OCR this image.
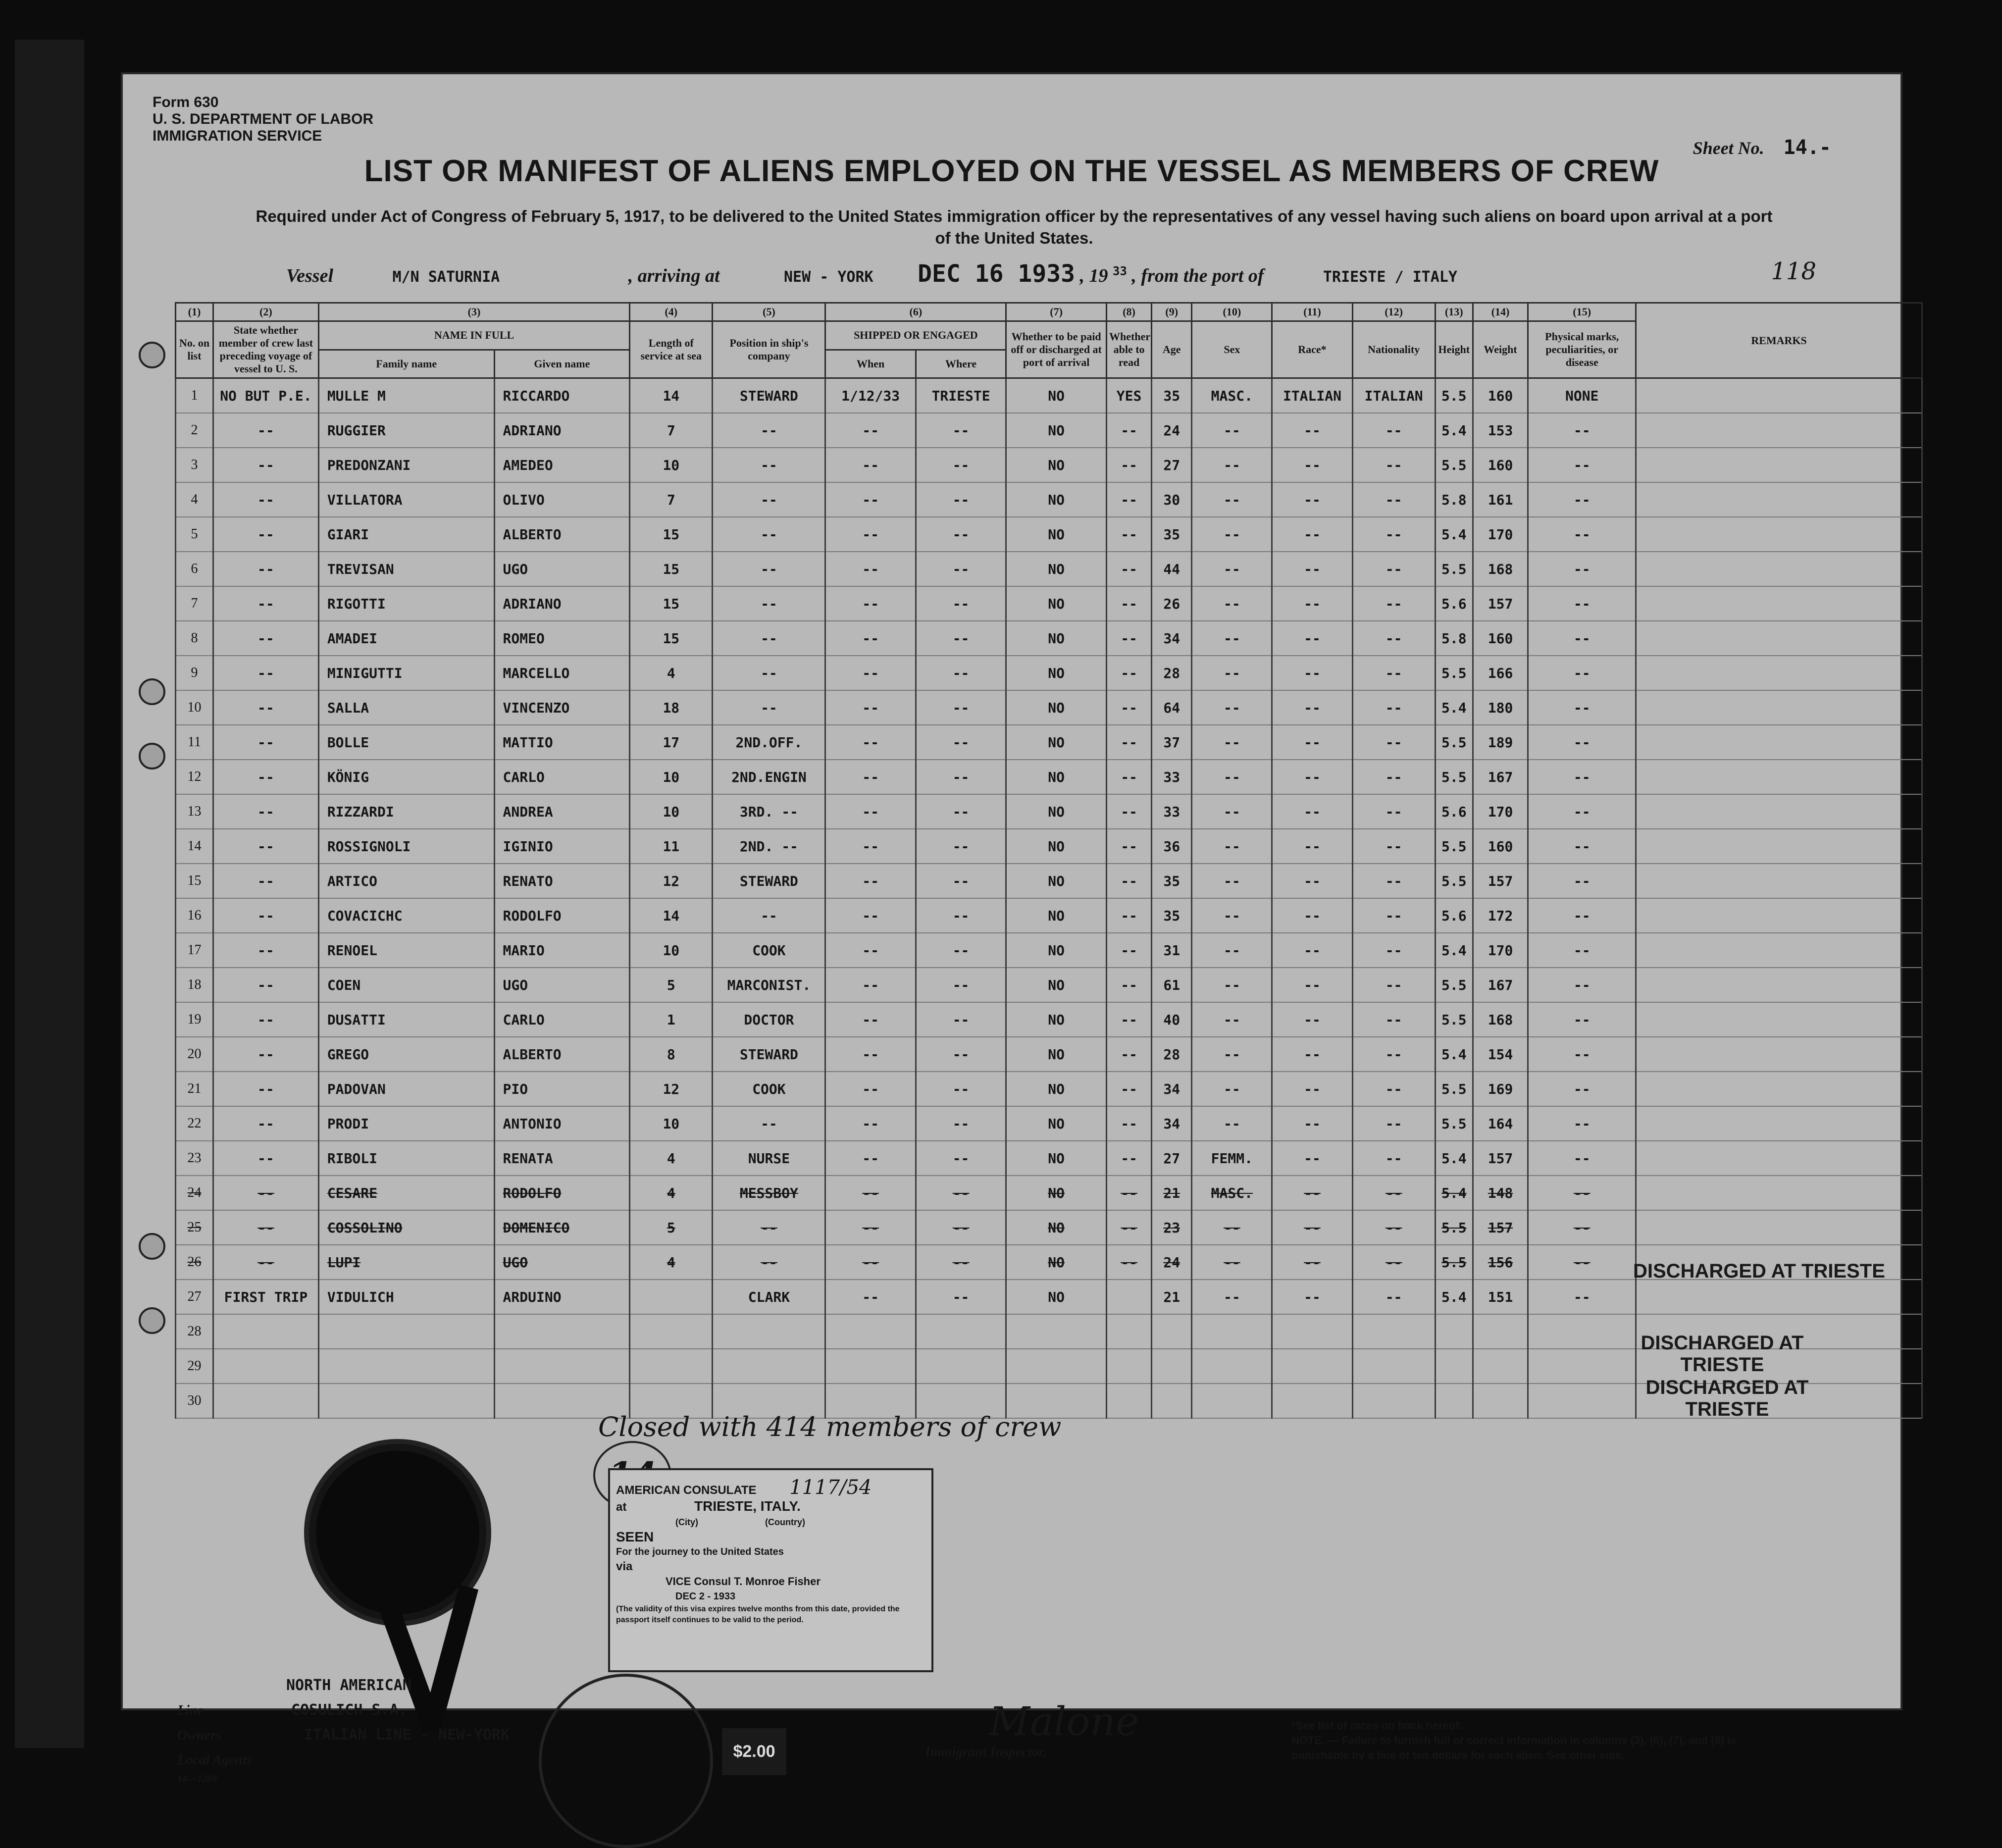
Form 630
U. S. DEPARTMENT OF LABOR
IMMIGRATION SERVICE
Sheet No. 14.-
LIST OR MANIFEST OF ALIENS EMPLOYED ON THE VESSEL AS MEMBERS OF CREW
Required under Act of Congress of February 5, 1917, to be delivered to the United States immigration officer by the representatives of any vessel having such aliens on board upon arrival at a port of the United States.
Vessel	M/N SATURNIA	, arriving at	NEW - YORK DEC 16 1933 , 19 $^{33}$ , from the port of	TRIESTE / ITALY	118
(1)	(2)	(3)		(4)	(5)	(6)		(7)	(8)	(9)	(10)	(11)	(12)	(13)	(14)	(15)	REMARKS
No. on list	State whether member of crew last preceding voyage of vessel to U. S.	NAME IN FULL		Length of service at sea	Position in ship's company	SHIPPED OR ENGAGED		Whether to be paid off or discharged at port of arrival	Whether able to read	Age	Sex	Race*	Nationality	Height	Weight	Physical marks, peculiarities, or disease	
		Family name	Given name			When	Where										
1	NO BUT P.E.	MULLE M	RICCARDO	14	STEWARD	1/12/33	TRIESTE	NO	YES	35	MASC.	ITALIAN	ITALIAN	5.5	160	NONE	
2	--	RUGGIER	ADRIANO	7	--	--	--	NO	--	24	--	--	--	5.4	153	--	
3	--	PREDONZANI	AMEDEO	10	--	--	--	NO	--	27	--	--	--	5.5	160	--	
4	--	VILLATORA	OLIVO	7	--	--	--	NO	--	30	--	--	--	5.8	161	--	
5	--	GIARI	ALBERTO	15	--	--	--	NO	--	35	--	--	--	5.4	170	--	
6	--	TREVISAN	UGO	15	--	--	--	NO	--	44	--	--	--	5.5	168	--	
7	--	RIGOTTI	ADRIANO	15	--	--	--	NO	--	26	--	--	--	5.6	157	--	
8	--	AMADEI	ROMEO	15	--	--	--	NO	--	34	--	--	--	5.8	160	--	
9	--	MINIGUTTI	MARCELLO	4	--	--	--	NO	--	28	--	--	--	5.5	166	--	
10	--	SALLA	VINCENZO	18	--	--	--	NO	--	64	--	--	--	5.4	180	--	
11	--	BOLLE	MATTIO	17	2ND.OFF.	--	--	NO	--	37	--	--	--	5.5	189	--	
12	--	KÖNIG	CARLO	10	2ND.ENGIN	--	--	NO	--	33	--	--	--	5.5	167	--	
13	--	RIZZARDI	ANDREA	10	3RD. --	--	--	NO	--	33	--	--	--	5.6	170	--	
14	--	ROSSIGNOLI	IGINIO	11	2ND. --	--	--	NO	--	36	--	--	--	5.5	160	--	
15	--	ARTICO	RENATO	12	STEWARD	--	--	NO	--	35	--	--	--	5.5	157	--	
16	--	COVACICHC	RODOLFO	14	--	--	--	NO	--	35	--	--	--	5.6	172	--	
17	--	RENOEL	MARIO	10	COOK	--	--	NO	--	31	--	--	--	5.4	170	--	
18	--	COEN	UGO	5	MARCONIST.	--	--	NO	--	61	--	--	--	5.5	167	--	
19	--	DUSATTI	CARLO	1	DOCTOR	--	--	NO	--	40	--	--	--	5.5	168	--	
20	--	GREGO	ALBERTO	8	STEWARD	--	--	NO	--	28	--	--	--	5.4	154	--	
21	--	PADOVAN	PIO	12	COOK	--	--	NO	--	34	--	--	--	5.5	169	--	
22	--	PRODI	ANTONIO	10	--	--	--	NO	--	34	--	--	--	5.5	164	--	
23	--	RIBOLI	RENATA	4	NURSE	--	--	NO	--	27	FEMM.	--	--	5.4	157	--	
24	--	CESARE	RODOLFO	4	MESSBOY	--	--	NO	--	21	MASC.	--	--	5.4	148	--	
25	--	COSSOLINO	DOMENICO	5	--	--	--	NO	--	23	--	--	--	5.5	157	--	
26	--	LUPI	UGO	4	--	--	--	NO	--	24	--	--	--	5.5	156	--	
27	FIRST TRIP	VIDULICH	ARDUINO		CLARK	--	--	NO		21	--	--	--	5.4	151	--	
28																	
29																	
30																	
DISCHARGED AT TRIESTE
DISCHARGED AT TRIESTE
DISCHARGED AT TRIESTE
Closed with 414 members of crew
AMERICAN CONSULATE 1117/54
at	TRIESTE, ITALY.
(City)	(Country)
SEEN
For the journey to the United States
via
VICE Consul T. Monroe Fisher
DEC 2 - 1933
(The validity of this visa expires twelve months from this date, provided the passport itself continues to be valid to the period.
$2.00
NORTH AMERICAN
Line	COSULICH S.A.
Owners	ITALIAN LINE - NEW-YORK
Local Agents
14—1260
Malone
Immigrant Inspector.
*See list of races on back hereof.
NOTE. — Failure to furnish full or correct information in columns (3), (6), (7), and (8) is punishable by a fine of ten dollars for each alien. See other side.
